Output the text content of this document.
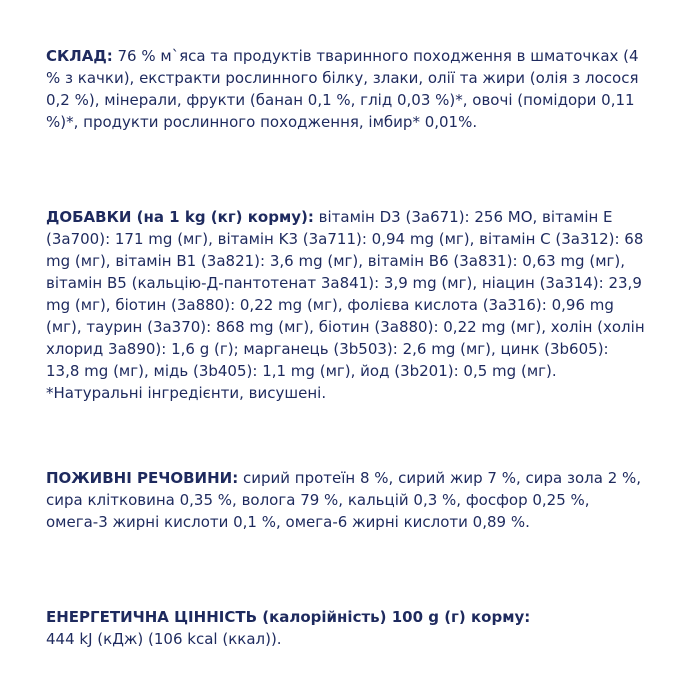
СКЛАД: 76 % м`яса та продуктів тваринного походження в шматочках (4 % з качки), екстракти рослинного білку, злаки, олії та жири (олія з лосося 0,2 %), мінерали, фрукти (банан 0,1 %, глід 0,03 %)*, овочі (помідори 0,11 %)*, продукти рослинного походження, імбир* 0,01%.

ДОБАВКИ (на 1 kg (кг) корму): вітамін D3 (3a671): 256 МО, вітамін E (3a700): 171 mg (мг), вітамін K3 (3a711): 0,94 mg (мг), вітамін C (3a312): 68 mg (мг), вітамін B1 (3a821): 3,6 mg (мг), вітамін B6 (3a831): 0,63 mg (мг), вітамін B5 (кальцію-Д-пантотенат 3a841): 3,9 mg (мг), ніацин (3a314): 23,9 mg (мг), біотин (3a880): 0,22 mg (мг), фолієва кислота (3a316): 0,96 mg (мг), таурин (3a370): 868 mg (мг), біотин (3a880): 0,22 mg (мг), холін (холін хлорид 3a890): 1,6 g (г); марганець (3b503): 2,6 mg (мг), цинк (3b605): 13,8 mg (мг), мідь (3b405): 1,1 mg (мг), йод (3b201): 0,5 mg (мг). *Натуральні інгредієнти, висушені.

ПОЖИВНІ РЕЧОВИНИ: сирий протеїн 8 %, сирий жир 7 %, сира зола 2 %, сира клітковина 0,35 %, волога 79 %, кальцій 0,3 %, фосфор 0,25 %, омега-3 жирні кислоти 0,1 %, омега-6 жирні кислоти 0,89 %.

ЕНЕРГЕТИЧНА ЦІННІСТЬ (калорійність) 100 g (г) корму:
444 kJ (кДж) (106 kcal (ккал)).
